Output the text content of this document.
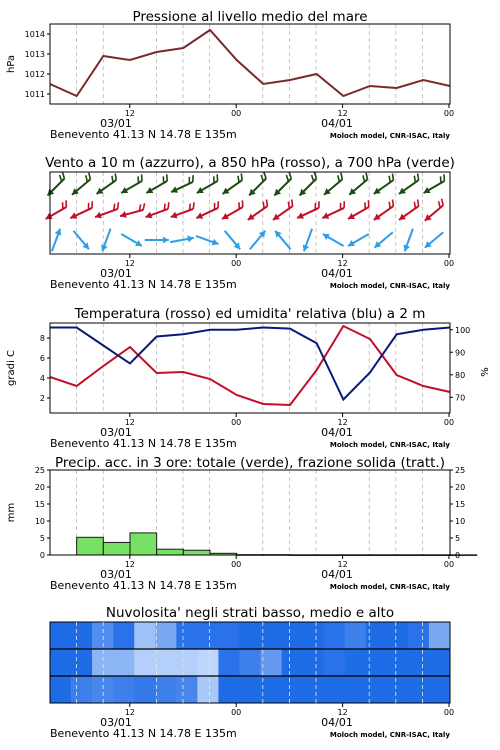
Pressione al livello medio del mare
12	00	12	00
03/01	04/01
Benevento 41.13 N 14.78 E 135m	Moloch model, CNR-ISAC, Italy
Vento a 10 m (azzurro), a 850 hPa (rosso), a 700 hPa (verde)
12	00	12	00
03/01	04/01
Benevento 41.13 N 14.78 E 135m	Moloch model, CNR-ISAC, Italy
Temperatura (rosso) ed umidita' relativa (blu) a 2 m
12	00	12	00
03/01	04/01
Benevento 41.13 N 14.78 E 135m	Moloch model, CNR-ISAC, Italy
Precip. acc. in 3 ore: totale (verde), frazione solida (tratt.)
12	00	12	00
03/01	04/01
Benevento 41.13 N 14.78 E 135m	Moloch model, CNR-ISAC, Italy
Nuvolosita' negli strati basso, medio e alto
12	00	12	00
03/01	04/01
Benevento 41.13 N 14.78 E 135m	Moloch model, CNR-ISAC, Italy
1011
1012
1013
1014
hPa
2
4
6
8
70
80
90
100
gradi C	%
0	0
5	5
10	10
15	15
20	20
25	25
mm
